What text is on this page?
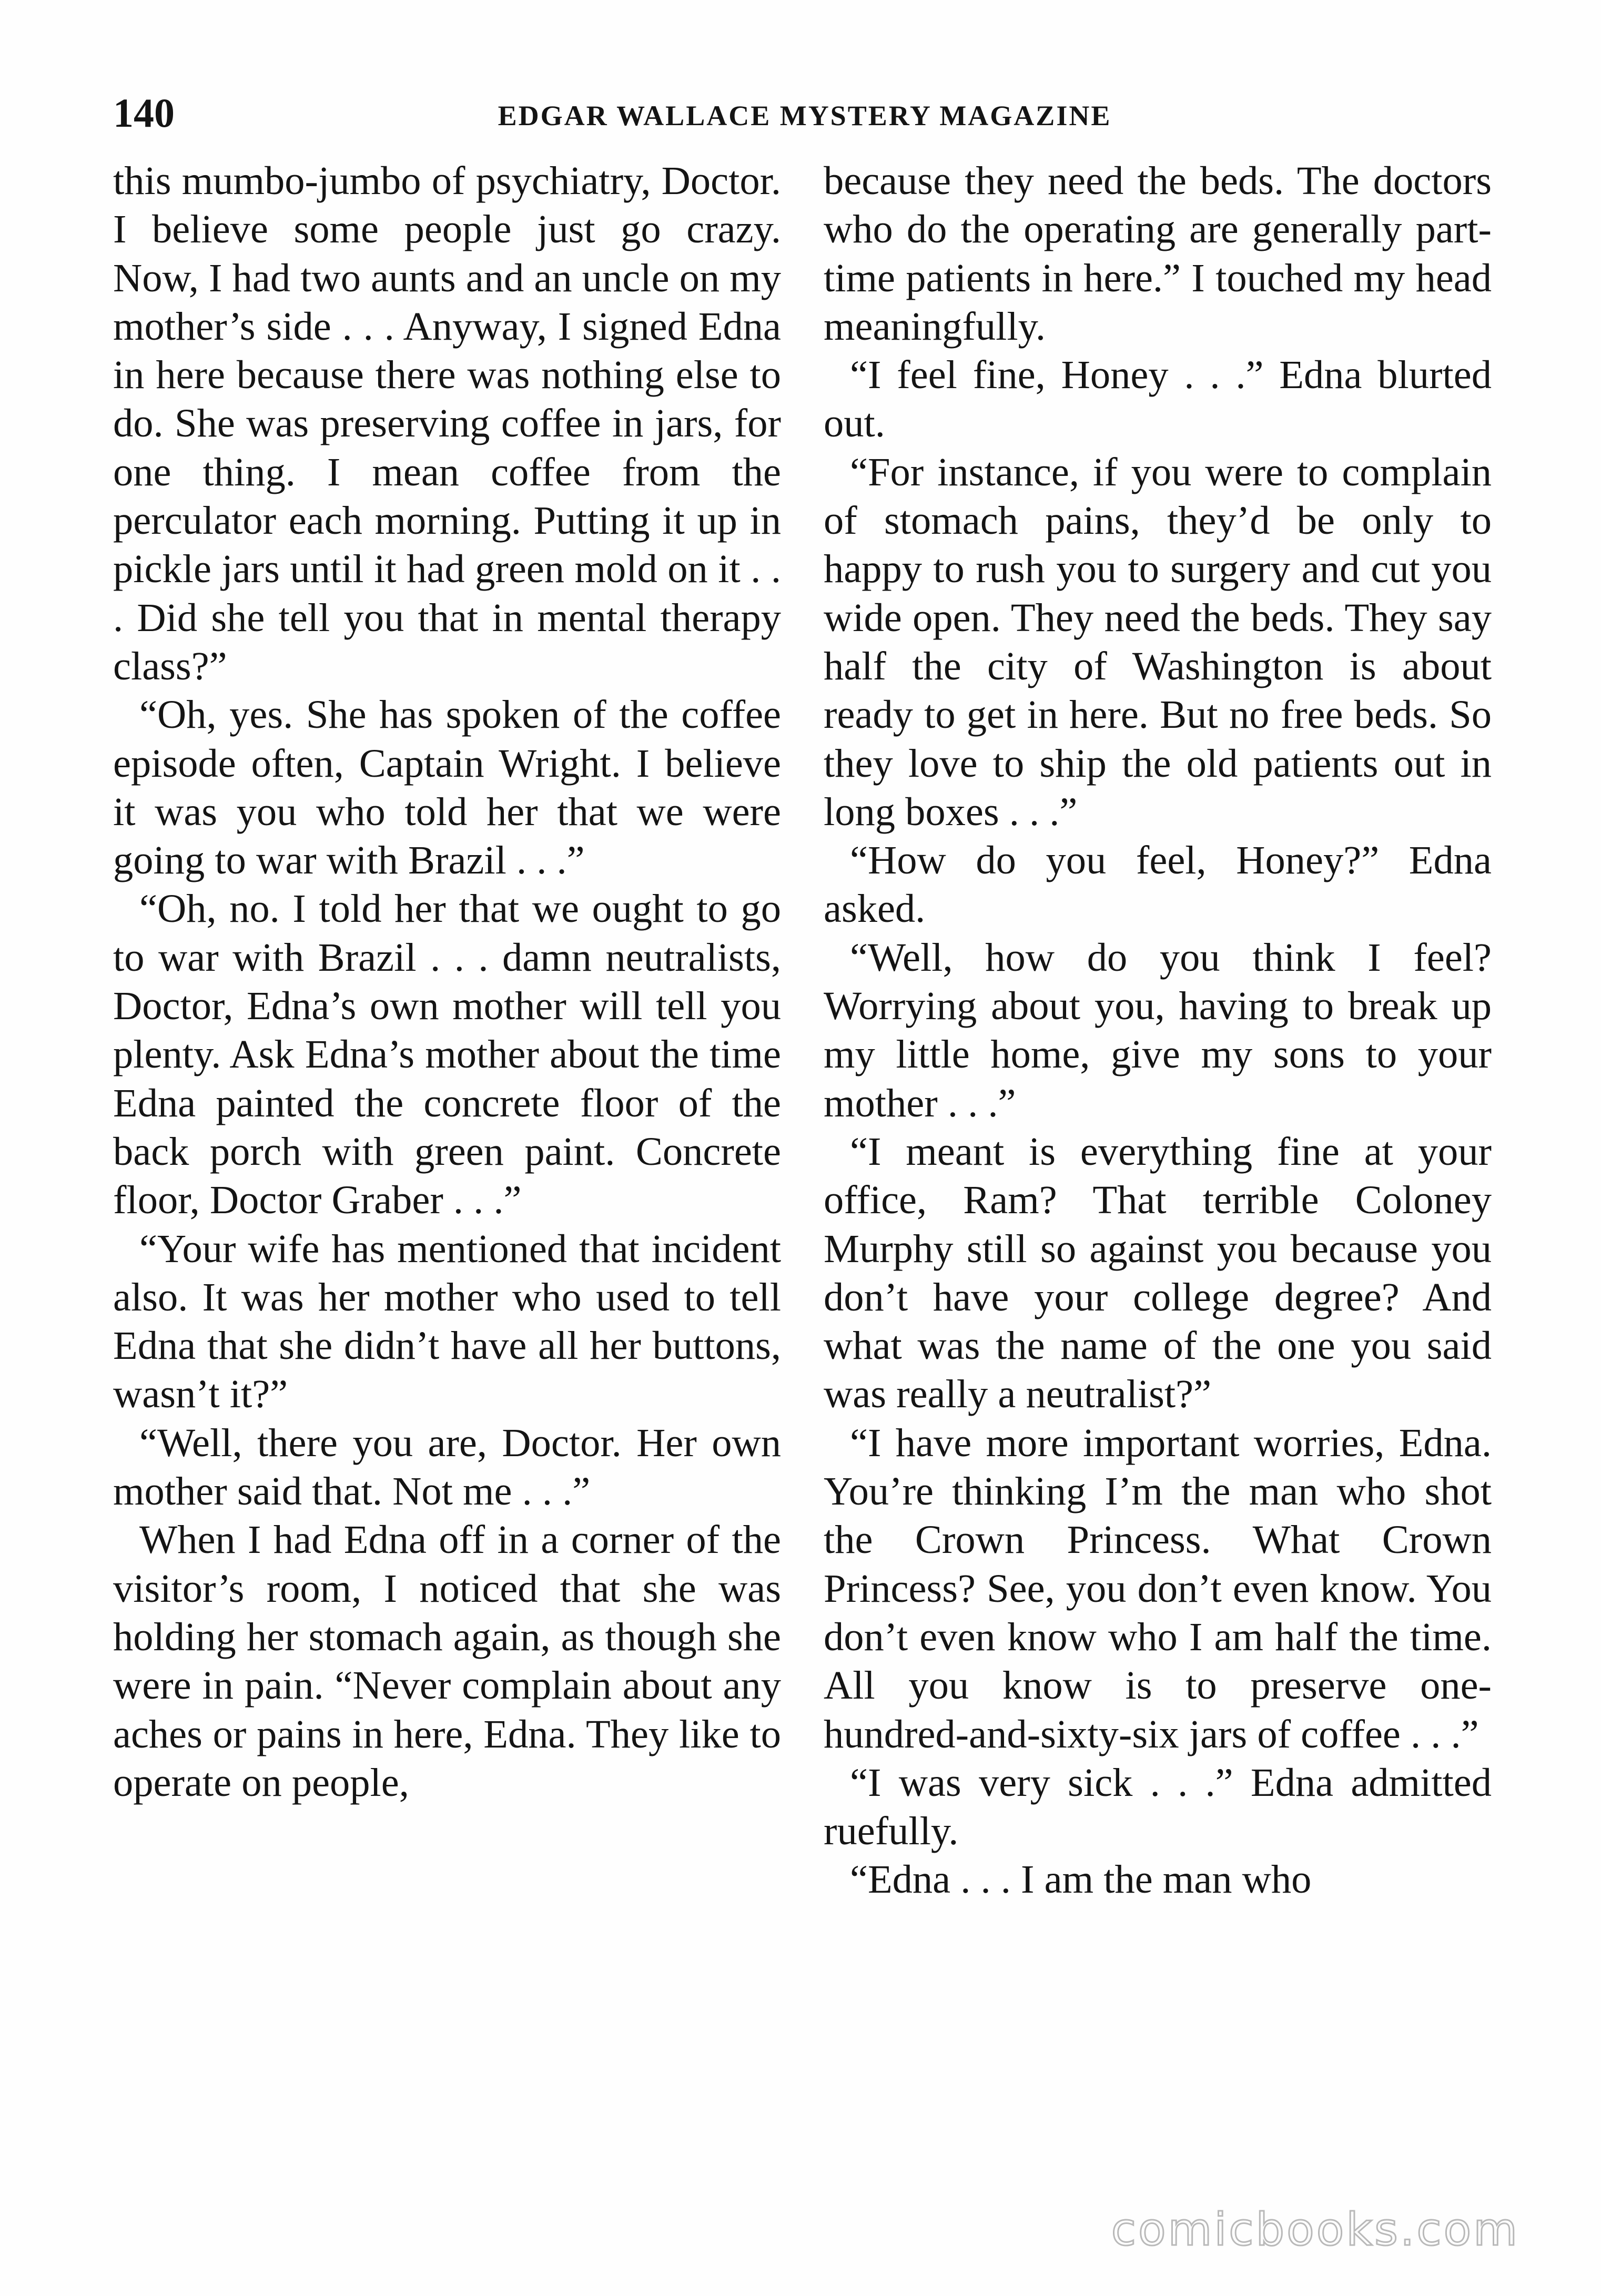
140	EDGAR WALLACE MYSTERY MAGAZINE

this mumbo-jumbo of psychiatry, Doctor. I believe some people just go crazy. Now, I had two aunts and an uncle on my mother’s side . . . Anyway, I signed Edna in here because there was nothing else to do. She was preserving coffee in jars, for one thing. I mean coffee from the perculator each morning. Putting it up in pickle jars until it had green mold on it . . . Did she tell you that in mental therapy class?”

“Oh, yes. She has spoken of the coffee episode often, Captain Wright. I believe it was you who told her that we were going to war with Brazil . . .”

“Oh, no. I told her that we ought to go to war with Brazil . . . damn neutralists, Doctor, Edna’s own mother will tell you plenty. Ask Edna’s mother about the time Edna painted the concrete floor of the back porch with green paint. Concrete floor, Doctor Graber . . .”

“Your wife has mentioned that incident also. It was her mother who used to tell Edna that she didn’t have all her buttons, wasn’t it?”

“Well, there you are, Doctor. Her own mother said that. Not me . . .”

When I had Edna off in a corner of the visitor’s room, I noticed that she was holding her stomach again, as though she were in pain. “Never complain about any aches or pains in here, Edna. They like to operate on people,

because they need the beds. The doctors who do the operating are generally part-time patients in here.” I touched my head meaningfully.

“I feel fine, Honey . . .” Edna blurted out.

“For instance, if you were to complain of stomach pains, they’d be only to happy to rush you to surgery and cut you wide open. They need the beds. They say half the city of Washington is about ready to get in here. But no free beds. So they love to ship the old patients out in long boxes . . .”

“How do you feel, Honey?” Edna asked.

“Well, how do you think I feel? Worrying about you, having to break up my little home, give my sons to your mother . . .”

“I meant is everything fine at your office, Ram? That terrible Coloney Murphy still so against you because you don’t have your college degree? And what was the name of the one you said was really a neutralist?”

“I have more important worries, Edna. You’re thinking I’m the man who shot the Crown Princess. What Crown Princess? See, you don’t even know. You don’t even know who I am half the time. All you know is to preserve one-hundred-and-sixty-six jars of coffee . . .”

“I was very sick . . .” Edna admitted ruefully.

“Edna . . . I am the man who

comicbooks.com
